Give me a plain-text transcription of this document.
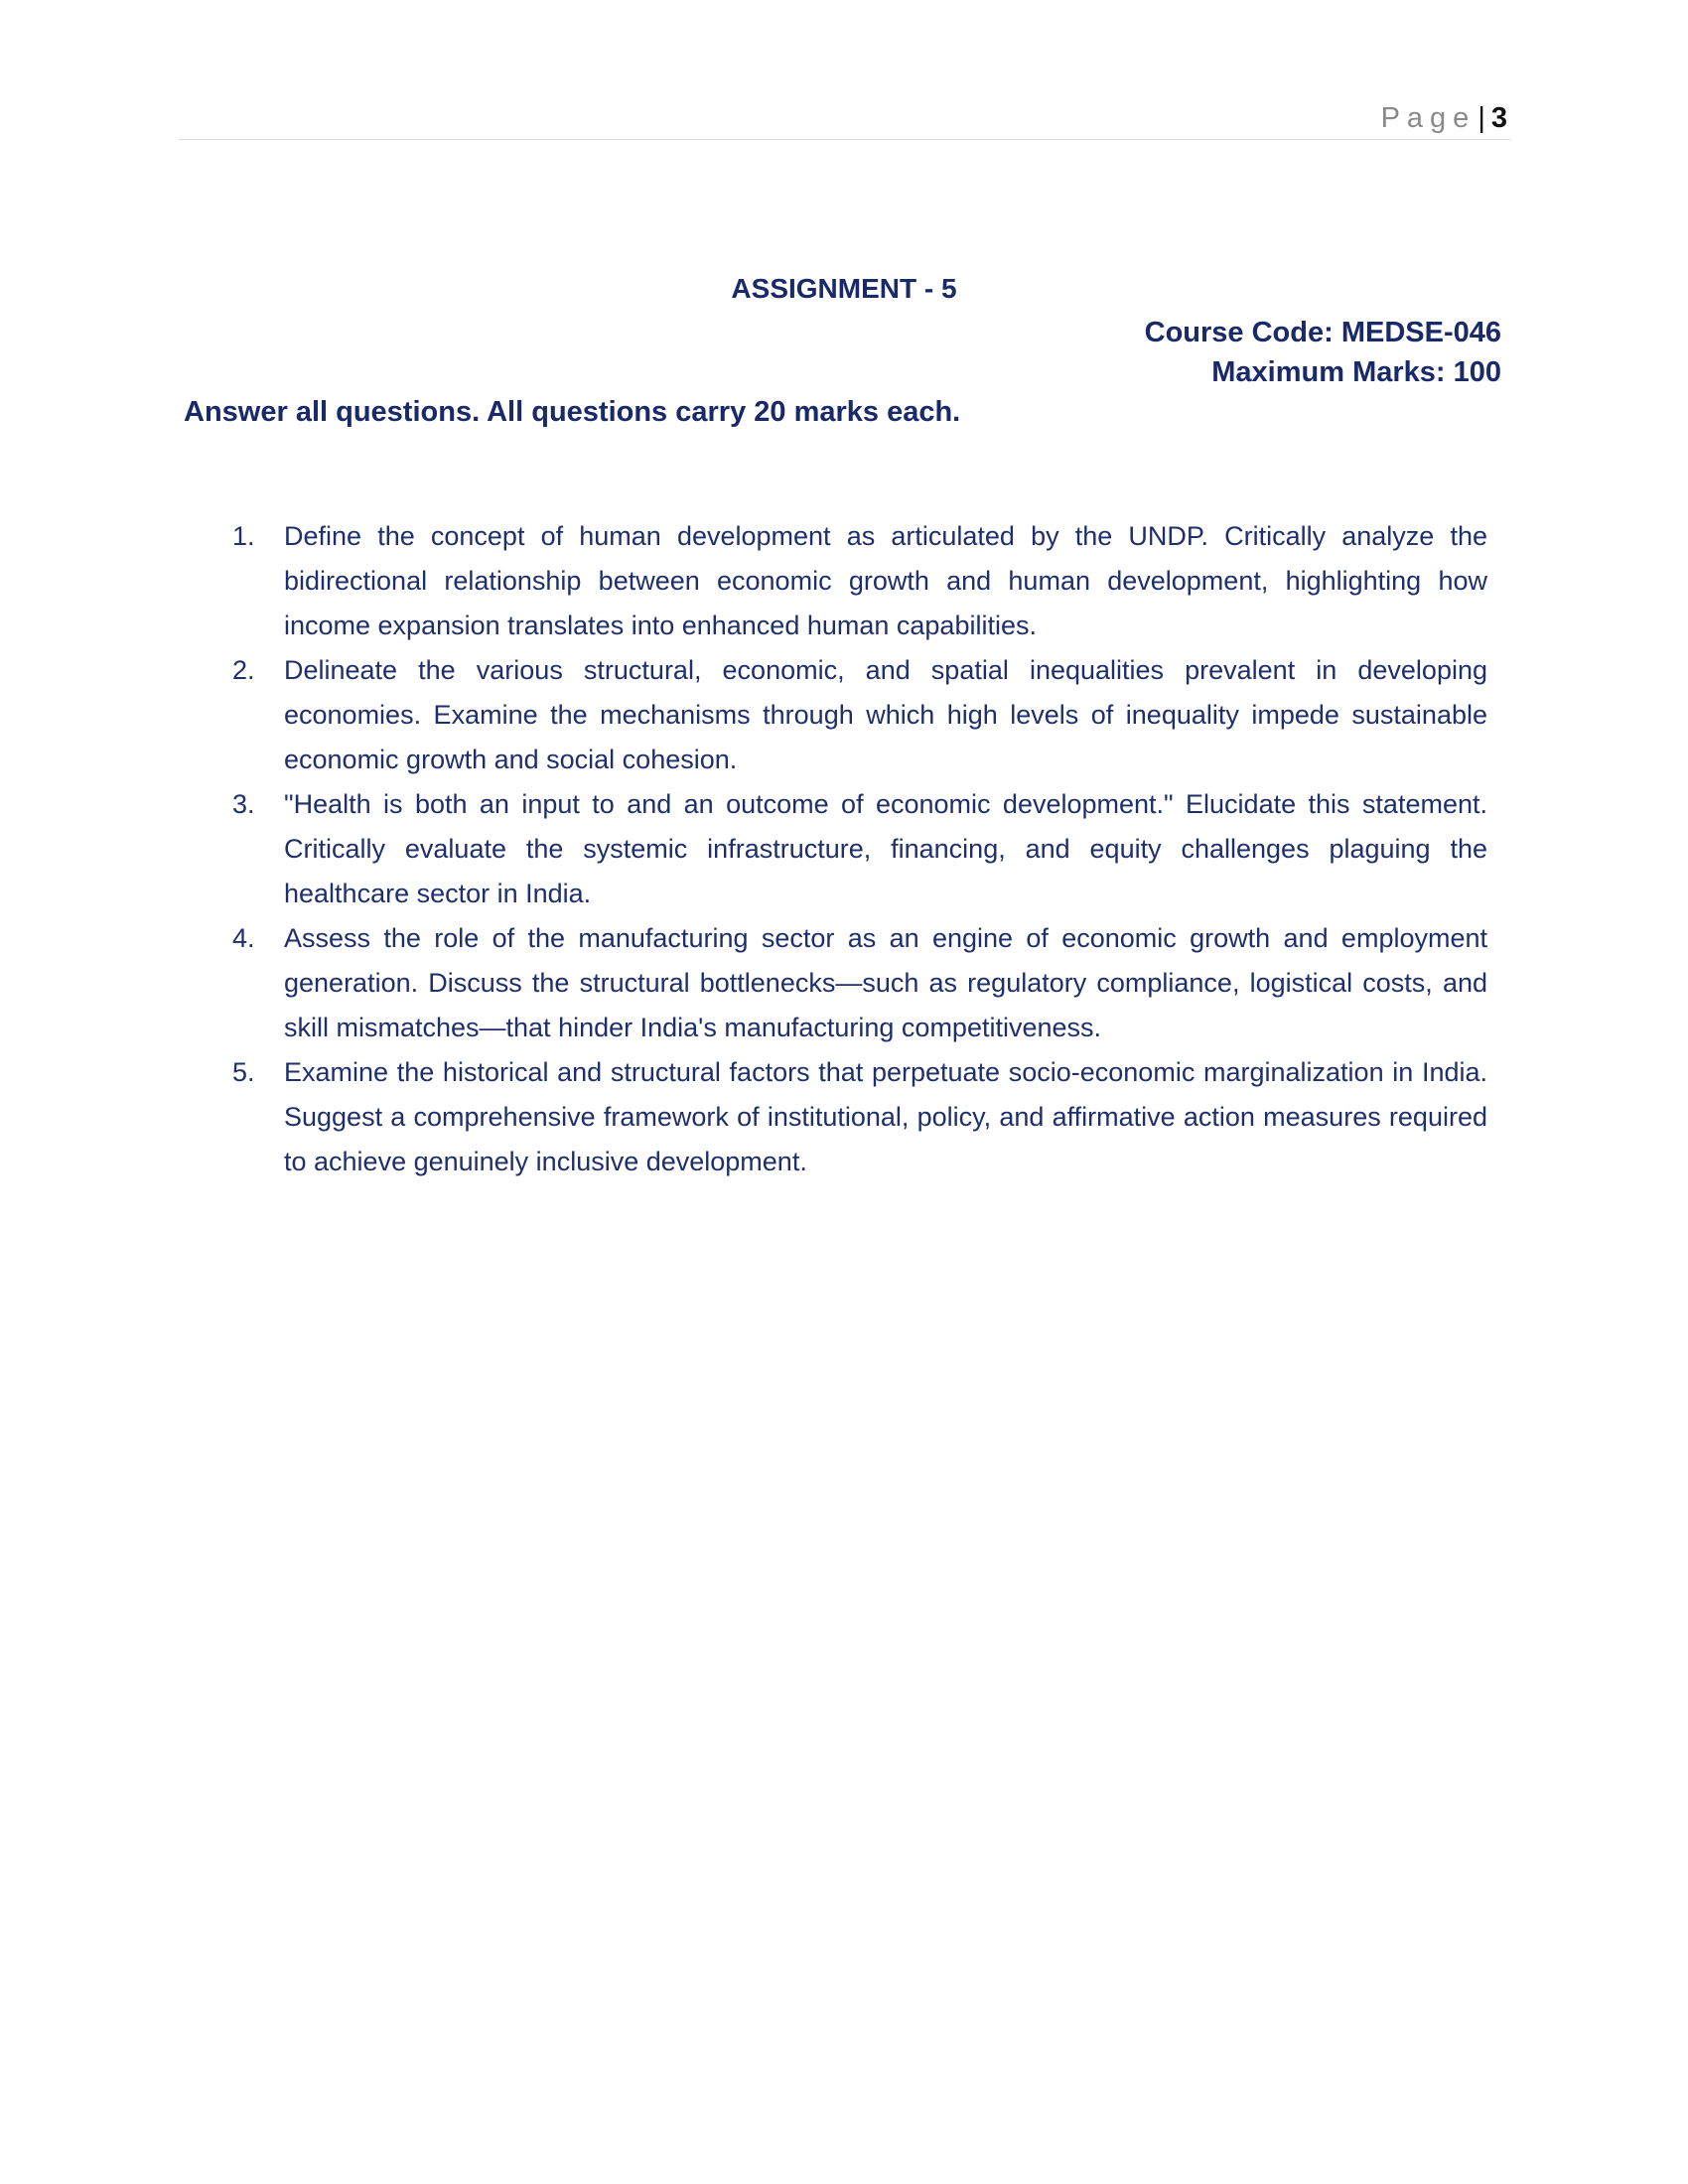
Page| 3
ASSIGNMENT - 5
Course Code: MEDSE-046
Maximum Marks: 100

Answer all questions. All questions carry 20 marks each.

1. Define the concept of human development as articulated by the UNDP. Critically analyze the bidirectional relationship between economic growth and human development, highlighting how income expansion translates into enhanced human capabilities.
2. Delineate the various structural, economic, and spatial inequalities prevalent in developing economies. Examine the mechanisms through which high levels of inequality impede sustainable economic growth and social cohesion.
3. "Health is both an input to and an outcome of economic development." Elucidate this statement. Critically evaluate the systemic infrastructure, financing, and equity challenges plaguing the healthcare sector in India.
4. Assess the role of the manufacturing sector as an engine of economic growth and employment generation. Discuss the structural bottlenecks—such as regulatory compliance, logistical costs, and skill mismatches—that hinder India's manufacturing competitiveness.
5. Examine the historical and structural factors that perpetuate socio-economic marginalization in India. Suggest a comprehensive framework of institutional, policy, and affirmative action measures required to achieve genuinely inclusive development.
